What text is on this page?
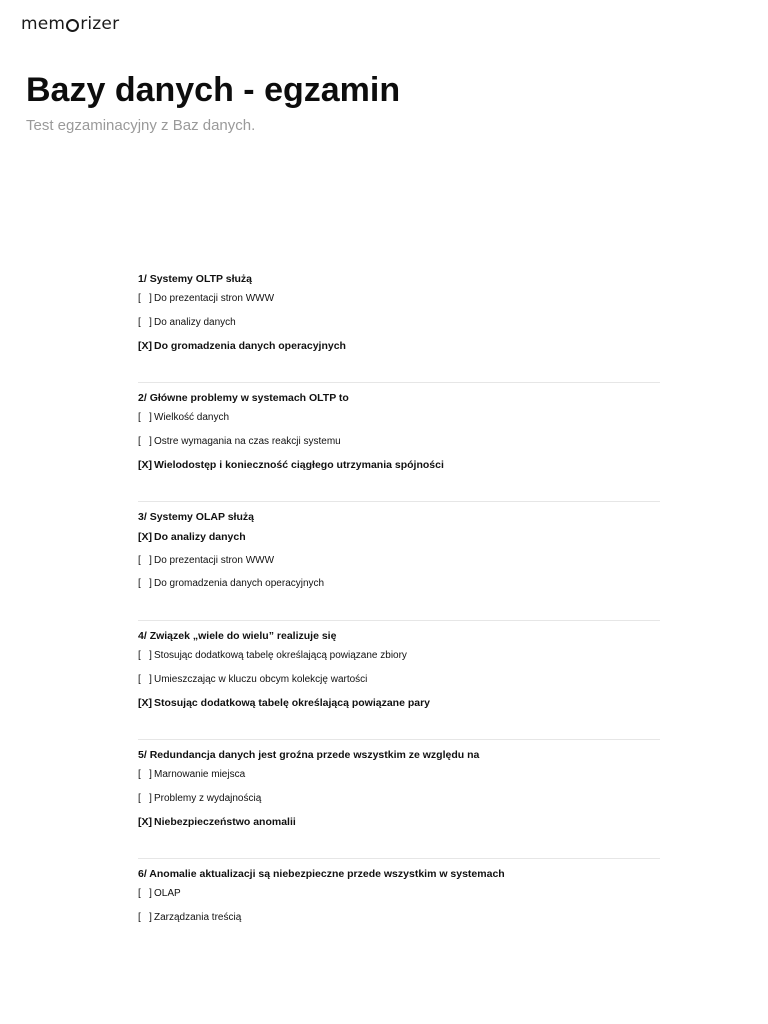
mem rizer
Bazy danych - egzamin

Test egzaminacyjny z Baz danych.

1/ Systemy OLTP służą
[   ] Do prezentacji stron WWW
[   ] Do analizy danych
[X] Do gromadzenia danych operacyjnych
2/ Główne problemy w systemach OLTP to
[   ] Wielkość danych
[   ] Ostre wymagania na czas reakcji systemu
[X] Wielodostęp i konieczność ciągłego utrzymania spójności
3/ Systemy OLAP służą
[X] Do analizy danych
[   ] Do prezentacji stron WWW
[   ] Do gromadzenia danych operacyjnych
4/ Związek „wiele do wielu” realizuje się
[   ] Stosując dodatkową tabelę określającą powiązane zbiory
[   ] Umieszczając w kluczu obcym kolekcję wartości
[X] Stosując dodatkową tabelę określającą powiązane pary
5/ Redundancja danych jest groźna przede wszystkim ze względu na
[   ] Marnowanie miejsca
[   ] Problemy z wydajnością
[X] Niebezpieczeństwo anomalii
6/ Anomalie aktualizacji są niebezpieczne przede wszystkim w systemach
[   ] OLAP
[   ] Zarządzania treścią
